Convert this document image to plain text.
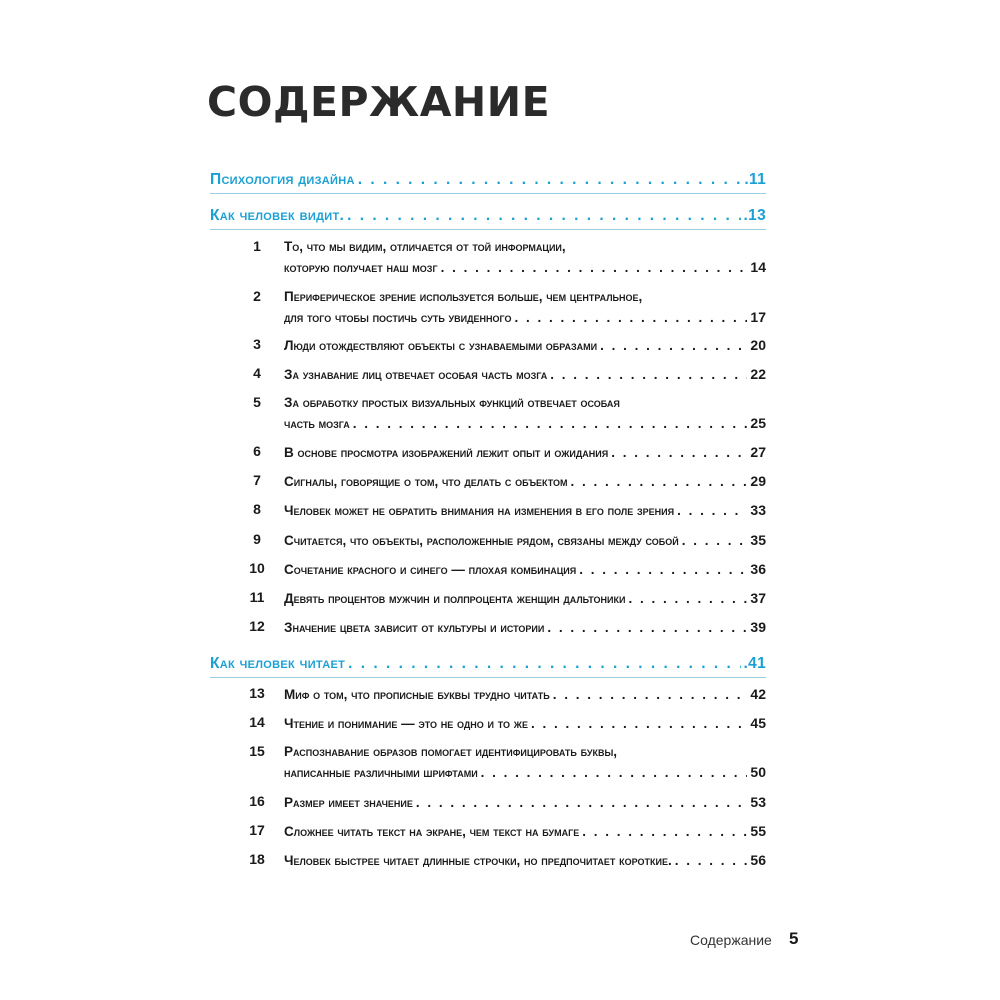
СОДЕРЖАНИЕ
Психология дизайна . . .	.11
Как человек видит. . . .	.13
1	То, что мы видим, отличается от той информации,
которую получает наш мозг . . .	14
2	Периферическое зрение используется больше, чем центральное,
для того чтобы постичь суть увиденного . . .	17
3	Люди отождествляют объекты с узнаваемыми образами . . .	20
4	За узнавание лиц отвечает особая часть мозга . . .	22
5	За обработку простых визуальных функций отвечает особая
часть мозга . . .	25
6	В основе просмотра изображений лежит опыт и ожидания . . .	27
7	Сигналы, говорящие о том, что делать с объектом . . .	29
8	Человек может не обратить внимания на изменения в его поле зрения . . .	33
9	Считается, что объекты, расположенные рядом, связаны между собой . . .	35
10	Сочетание красного и синего — плохая комбинация . . .	36
11	Девять процентов мужчин и полпроцента женщин дальтоники . . .	37
12	Значение цвета зависит от культуры и истории . . .	39
Как человек читает . . .	.41
13	Миф о том, что прописные буквы трудно читать . . .	42
14	Чтение и понимание — это не одно и то же . . .	45
15	Распознавание образов помогает идентифицировать буквы,
написанные различными шрифтами . . .	50
16	Размер имеет значение . . .	53
17	Сложнее читать текст на экране, чем текст на бумаге . . .	55
18	Человек быстрее читает длинные строчки, но предпочитает короткие. . . .	56
Содержание 5
